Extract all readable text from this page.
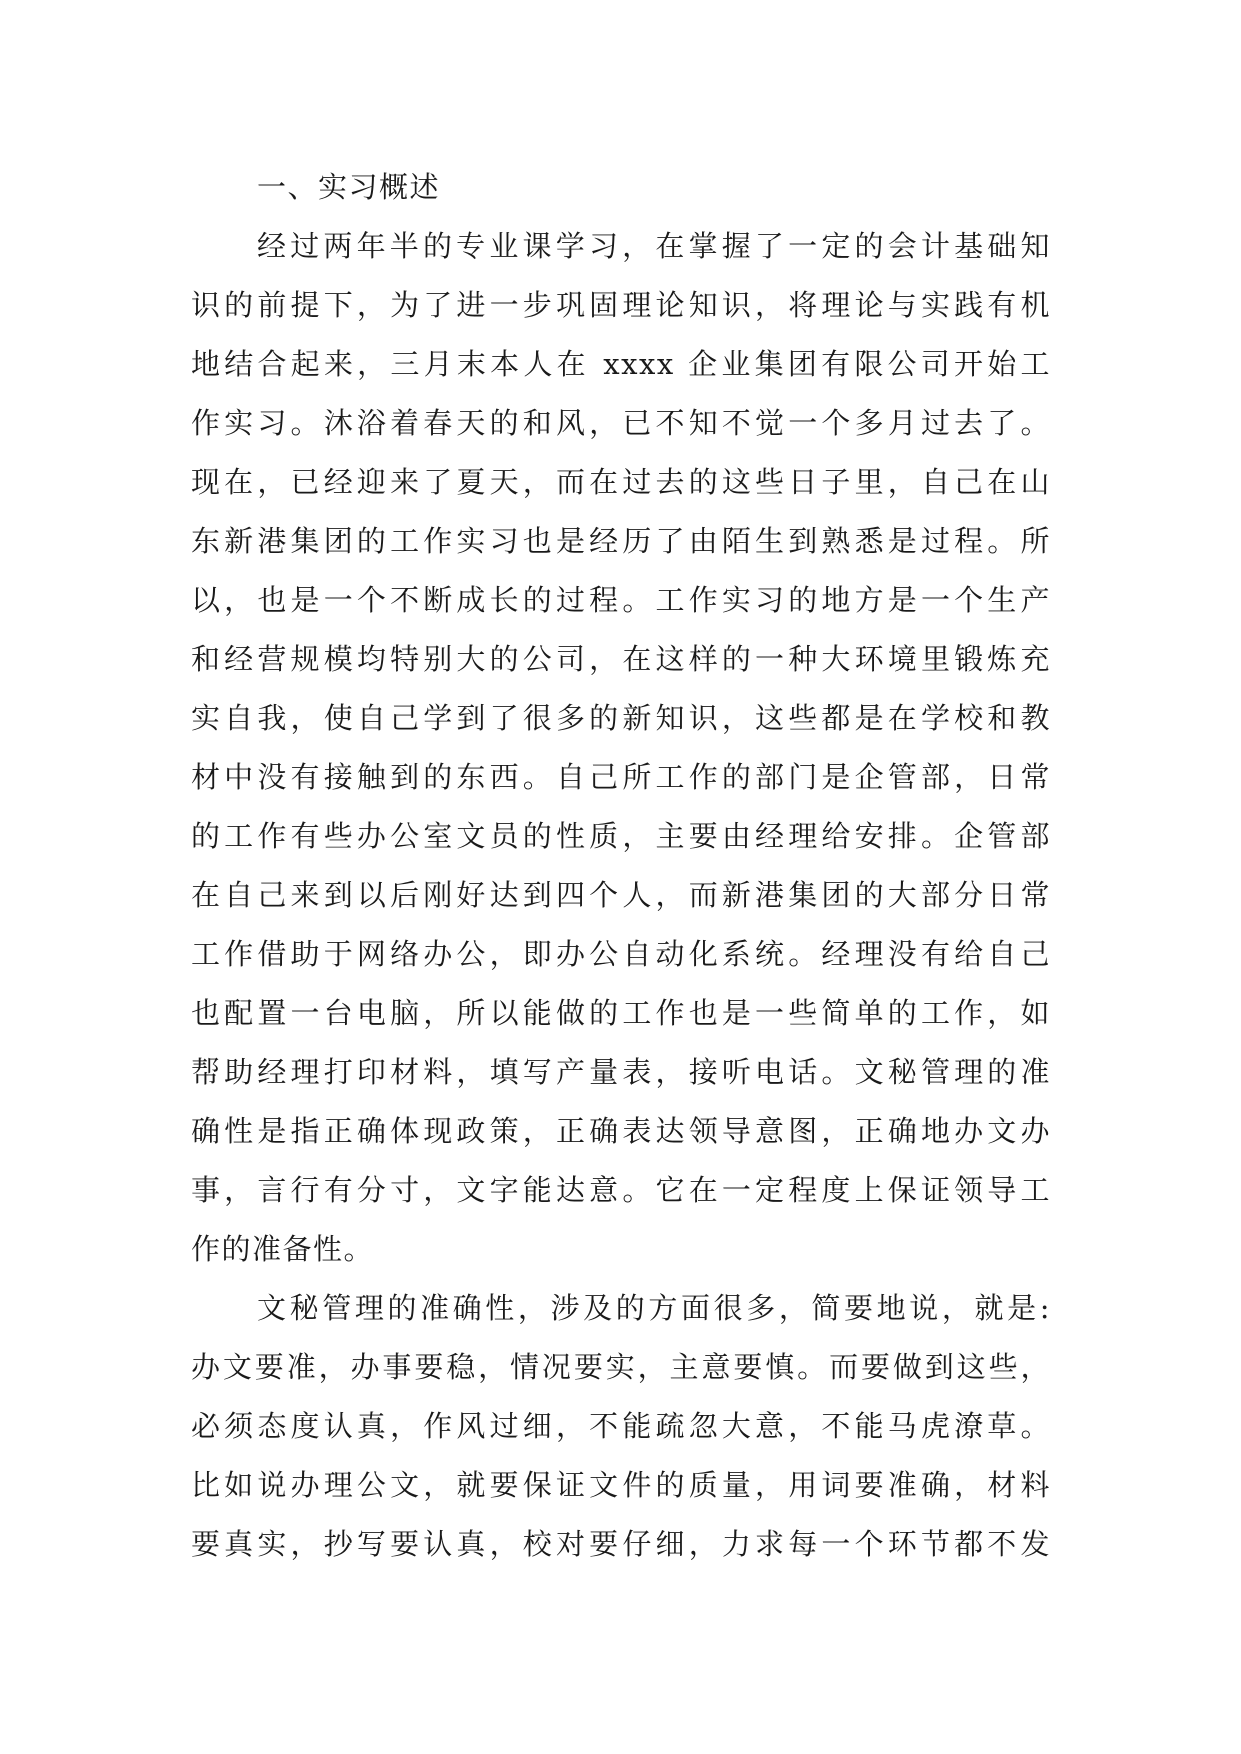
一、实习概述
经过两年半的专业课学习，在掌握了一定的会计基础知
识的前提下，为了进一步巩固理论知识，将理论与实践有机
地结合起来，三月末本人在 xxxx 企业集团有限公司开始工
作实习。沐浴着春天的和风，已不知不觉一个多月过去了。
现在，已经迎来了夏天，而在过去的这些日子里，自己在山
东新港集团的工作实习也是经历了由陌生到熟悉是过程。所
以，也是一个不断成长的过程。工作实习的地方是一个生产
和经营规模均特别大的公司，在这样的一种大环境里锻炼充
实自我，使自己学到了很多的新知识，这些都是在学校和教
材中没有接触到的东西。自己所工作的部门是企管部，日常
的工作有些办公室文员的性质，主要由经理给安排。企管部
在自己来到以后刚好达到四个人，而新港集团的大部分日常
工作借助于网络办公，即办公自动化系统。经理没有给自己
也配置一台电脑，所以能做的工作也是一些简单的工作，如
帮助经理打印材料，填写产量表，接听电话。文秘管理的准
确性是指正确体现政策，正确表达领导意图，正确地办文办
事，言行有分寸，文字能达意。它在一定程度上保证领导工
作的准备性。
文秘管理的准确性，涉及的方面很多，简要地说，就是:
办文要准，办事要稳，情况要实，主意要慎。而要做到这些，
必须态度认真，作风过细，不能疏忽大意，不能马虎潦草。
比如说办理公文，就要保证文件的质量，用词要准确，材料
要真实，抄写要认真，校对要仔细，力求每一个环节都不发
